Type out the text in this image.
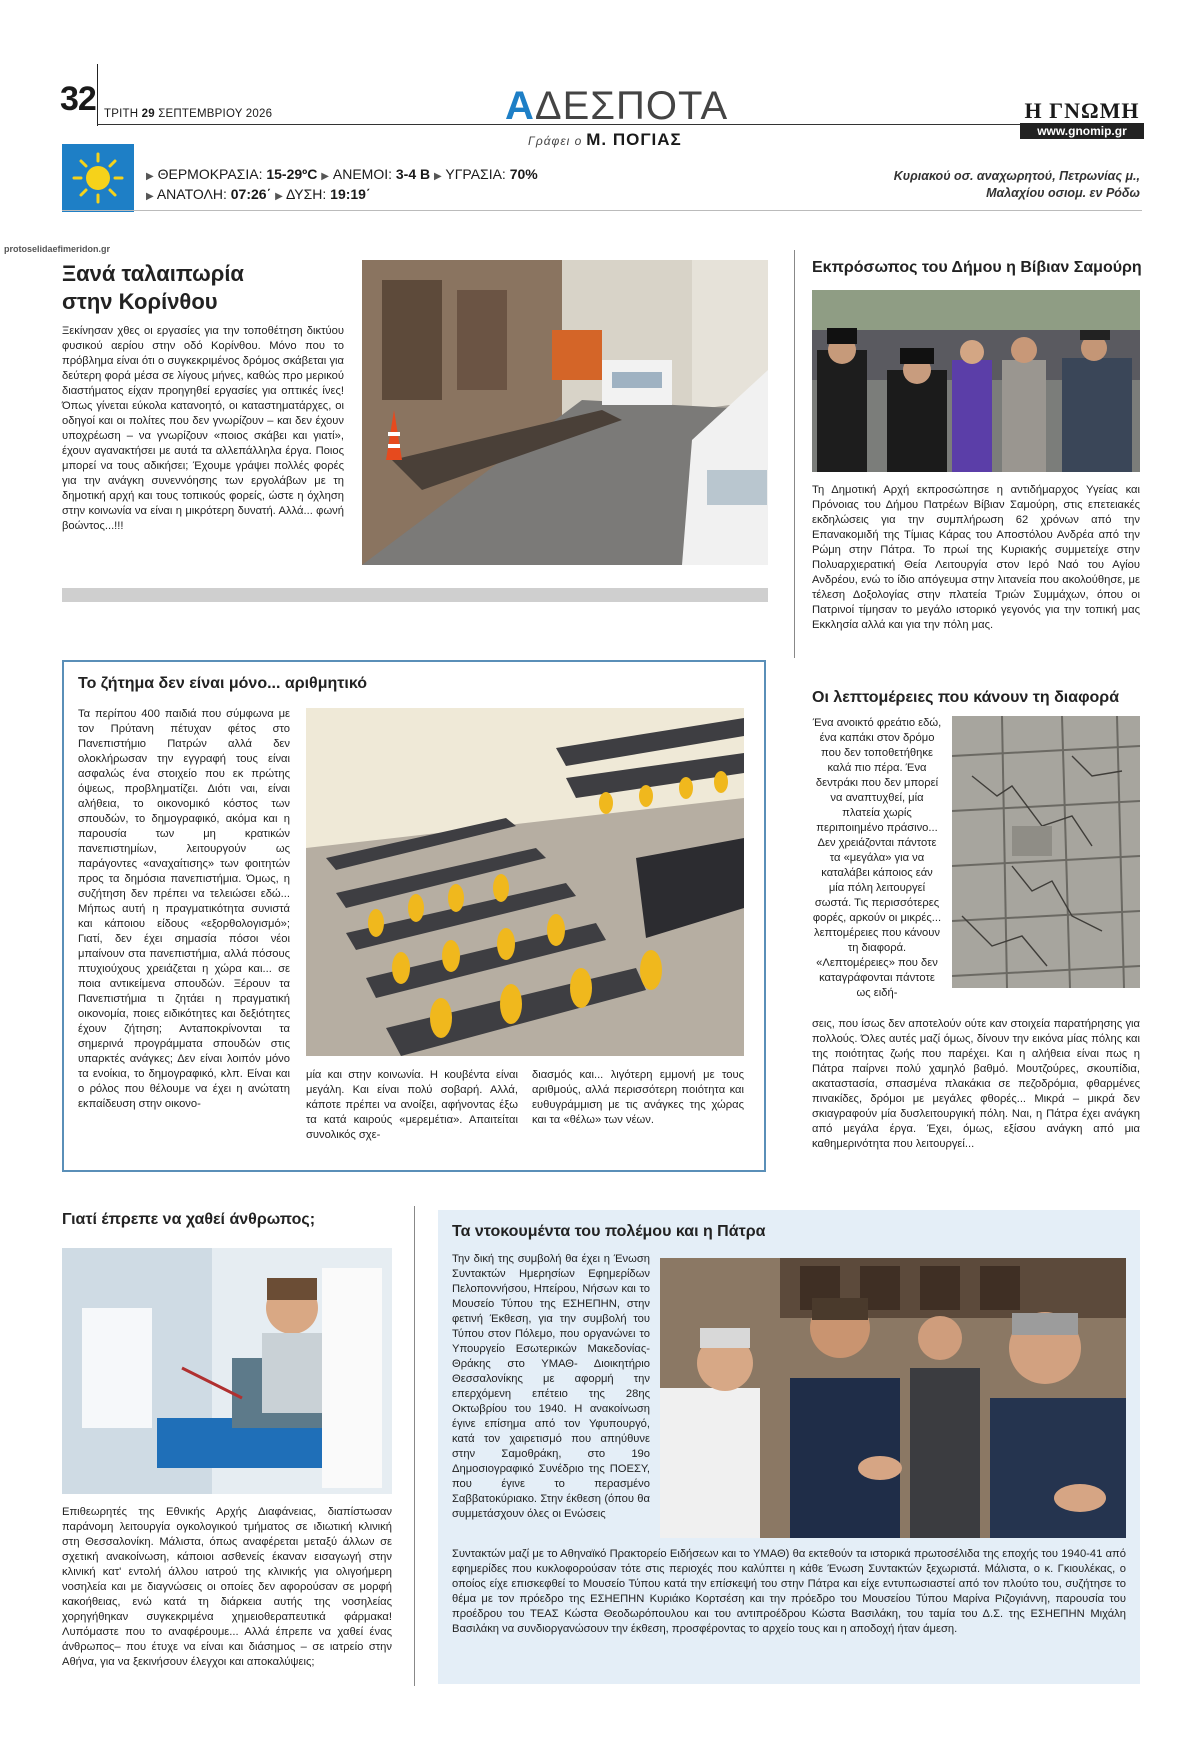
32 ΤΡΙΤΗ 29 ΣΕΠΤΕΜΒΡΙΟΥ 2026	ΑΔΕΣΠΟΤΑ
Γράφει ο Μ. ΠΟΓΙΑΣ
Η ΓΝΩΜΗ
www.gnomip.gr
▶ ΘΕΡΜΟΚΡΑΣΙΑ: 15-29ºC ▶ ΑΝΕΜΟΙ: 3-4 Β ▶ ΥΓΡΑΣΙΑ: 70%
▶ ΑΝΑΤΟΛΗ: 07:26΄ ▶ ΔΥΣΗ: 19:19΄
Κυριακού οσ. αναχωρητού, Πετρωνίας μ.,
Μαλαχίου οσιομ. εν Ρόδω
protoselidaefimeridon.gr
Ξανά ταλαιπωρία
στην Κορίνθου
Ξεκίνησαν χθες οι εργασίες για την τοποθέτηση δικτύου φυσικού αερίου στην οδό Κορίνθου. Μόνο που το πρόβλημα είναι ότι ο συγκεκριμένος δρόμος σκάβεται για δεύτερη φορά μέσα σε λίγους μήνες, καθώς προ μερικού διαστήματος είχαν προηγηθεί εργασίες για οπτικές ίνες! Όπως γίνεται εύκολα κατανοητό, οι καταστηματάρχες, οι οδηγοί και οι πολίτες που δεν γνωρίζουν – και δεν έχουν υποχρέωση – να γνωρίζουν «ποιος σκάβει και γιατί», έχουν αγανακτήσει με αυτά τα αλλεπάλληλα έργα. Ποιος μπορεί να τους αδικήσει; Έχουμε γράψει πολλές φορές για την ανάγκη συνεννόησης των εργολάβων με τη δημοτική αρχή και τους τοπικούς φορείς, ώστε η όχληση στην κοινωνία να είναι η μικρότερη δυνατή. Αλλά... φωνή βοώντος...!!!
Εκπρόσωπος του Δήμου η Βίβιαν Σαμούρη
Τη Δημοτική Αρχή εκπροσώπησε η αντιδήμαρχος Υγείας και Πρόνοιας του Δήμου Πατρέων Βίβιαν Σαμούρη, στις επετειακές εκδηλώσεις για την συμπλήρωση 62 χρόνων από την Επανακομιδή της Τίμιας Κάρας του Αποστόλου Ανδρέα από την Ρώμη στην Πάτρα. Το πρωί της Κυριακής συμμετείχε στην Πολυαρχιερατική Θεία Λειτουργία στον Ιερό Ναό του Αγίου Ανδρέου, ενώ το ίδιο απόγευμα στην λιτανεία που ακολούθησε, με τέλεση Δοξολογίας στην πλατεία Τριών Συμμάχων, όπου οι Πατρινοί τίμησαν το μεγάλο ιστορικό γεγονός για την τοπική μας Εκκλησία αλλά και για την πόλη μας.
Το ζήτημα δεν είναι μόνο... αριθμητικό
Τα περίπου 400 παιδιά που σύμφωνα με τον Πρύτανη πέτυχαν φέτος στο Πανεπιστήμιο Πατρών αλλά δεν ολοκλήρωσαν την εγγραφή τους είναι ασφαλώς ένα στοιχείο που εκ πρώτης όψεως, προβληματίζει. Διότι ναι, είναι αλήθεια, το οικονομικό κόστος των σπουδών, το δημογραφικό, ακόμα και η παρουσία των μη κρατικών πανεπιστημίων, λειτουργούν ως παράγοντες «αναχαίτισης» των φοιτητών προς τα δημόσια πανεπιστήμια. Όμως, η συζήτηση δεν πρέπει να τελειώσει εδώ... Μήπως αυτή η πραγματικότητα συνιστά και κάποιου είδους «εξορθολογισμό»; Γιατί, δεν έχει σημασία πόσοι νέοι μπαίνουν στα πανεπιστήμια, αλλά πόσους πτυχιούχους χρειάζεται η χώρα και... σε ποια αντικείμενα σπουδών. Ξέρουν τα Πανεπιστήμια τι ζητάει η πραγματική οικονομία, ποιες ειδικότητες και δεξιότητες έχουν ζήτηση; Ανταποκρίνονται τα σημερινά προγράμματα σπουδών στις υπαρκτές ανάγκες; Δεν είναι λοιπόν μόνο τα ενοίκια, το δημογραφικό, κλπ. Είναι και ο ρόλος που θέλουμε να έχει η ανώτατη εκπαίδευση στην οικονο-
μία και στην κοινωνία. Η κουβέντα είναι μεγάλη. Και είναι πολύ σοβαρή. Αλλά, κάποτε πρέπει να ανοίξει, αφήνοντας έξω τα κατά καιρούς «μερεμέτια». Απαιτείται συνολικός σχε-
διασμός και... λιγότερη εμμονή με τους αριθμούς, αλλά περισσότερη ποιότητα και ευθυγράμμιση με τις ανάγκες της χώρας και τα «θέλω» των νέων.
Οι λεπτομέρειες που κάνουν τη διαφορά
Ένα ανοικτό φρεάτιο εδώ, ένα καπάκι στον δρόμο που δεν τοποθετήθηκε καλά πιο πέρα. Ένα δεντράκι που δεν μπορεί να αναπτυχθεί, μία πλατεία χωρίς περιποιημένο πράσινο... Δεν χρειάζονται πάντοτε τα «μεγάλα» για να καταλάβει κάποιος εάν μία πόλη λειτουργεί σωστά. Τις περισσότερες φορές, αρκούν οι μικρές... λεπτομέρειες που κάνουν τη διαφορά. «Λεπτομέρειες» που δεν καταγράφονται πάντοτε ως ειδή-
σεις, που ίσως δεν αποτελούν ούτε καν στοιχεία παρατήρησης για πολλούς. Όλες αυτές μαζί όμως, δίνουν την εικόνα μίας πόλης και της ποιότητας ζωής που παρέχει. Και η αλήθεια είναι πως η Πάτρα παίρνει πολύ χαμηλό βαθμό. Μουτζούρες, σκουπίδια, ακαταστασία, σπασμένα πλακάκια σε πεζοδρόμια, φθαρμένες πινακίδες, δρόμοι με μεγάλες φθορές... Μικρά – μικρά δεν σκιαγραφούν μία δυσλειτουργική πόλη. Ναι, η Πάτρα έχει ανάγκη από μεγάλα έργα. Έχει, όμως, εξίσου ανάγκη από μια καθημερινότητα που λειτουργεί...
Γιατί έπρεπε να χαθεί άνθρωπος;
Επιθεωρητές της Εθνικής Αρχής Διαφάνειας, διαπίστωσαν παράνομη λειτουργία ογκολογικού τμήματος σε ιδιωτική κλινική στη Θεσσαλονίκη. Μάλιστα, όπως αναφέρεται μεταξύ άλλων σε σχετική ανακοίνωση, κάποιοι ασθενείς έκαναν εισαγωγή στην κλινική κατ' εντολή άλλου ιατρού της κλινικής για ολιγοήμερη νοσηλεία και με διαγνώσεις οι οποίες δεν αφορούσαν σε μορφή κακοήθειας, ενώ κατά τη διάρκεια αυτής της νοσηλείας χορηγήθηκαν συγκεκριμένα χημειοθεραπευτικά φάρμακα! Λυπόμαστε που το αναφέρουμε... Αλλά έπρεπε να χαθεί ένας άνθρωπος– που έτυχε να είναι και διάσημος – σε ιατρείο στην Αθήνα, για να ξεκινήσουν έλεγχοι και αποκαλύψεις;
Τα ντοκουμέντα του πολέμου και η Πάτρα
Την δική της συμβολή θα έχει η Ένωση Συντακτών Ημερησίων Εφημερίδων Πελοποννήσου, Ηπείρου, Νήσων και το Μουσείο Τύπου της ΕΣΗΕΠΗΝ, στην φετινή Έκθεση, για την συμβολή του Τύπου στον Πόλεμο, που οργανώνει το Υπουργείο Εσωτερικών Μακεδονίας- Θράκης στο ΥΜΑΘ- Διοικητήριο Θεσσαλονίκης με αφορμή την επερχόμενη επέτειο της 28ης Οκτωβρίου του 1940. Η ανακοίνωση έγινε επίσημα από τον Υφυπουργό, κατά τον χαιρετισμό που απηύθυνε στην Σαμοθράκη, στο 19ο Δημοσιογραφικό Συνέδριο της ΠΟΕΣΥ, που έγινε το περασμένο Σαββατοκύριακο. Στην έκθεση (όπου θα συμμετάσχουν όλες οι Ενώσεις
Συντακτών μαζί με το Αθηναϊκό Πρακτορείο Ειδήσεων και το ΥΜΑΘ) θα εκτεθούν τα ιστορικά πρωτοσέλιδα της εποχής του 1940-41 από εφημερίδες που κυκλοφορούσαν τότε στις περιοχές που καλύπτει η κάθε Ένωση Συντακτών ξεχωριστά. Μάλιστα, ο κ. Γκιουλέκας, ο οποίος είχε επισκεφθεί το Μουσείο Τύπου κατά την επίσκεψή του στην Πάτρα και είχε εντυπωσιαστεί από τον πλούτο του, συζήτησε το θέμα με τον πρόεδρο της ΕΣΗΕΠΗΝ Κυριάκο Κορτσέση και την πρόεδρο του Μουσείου Τύπου Μαρίνα Ριζογιάννη, παρουσία του προέδρου του ΤΕΑΣ Κώστα Θεοδωρόπουλου και του αντιπροέδρου Κώστα Βασιλάκη, του ταμία του Δ.Σ. της ΕΣΗΕΠΗΝ Μιχάλη Βασιλάκη να συνδιοργανώσουν την έκθεση, προσφέροντας το αρχείο τους και η αποδοχή ήταν άμεση.
